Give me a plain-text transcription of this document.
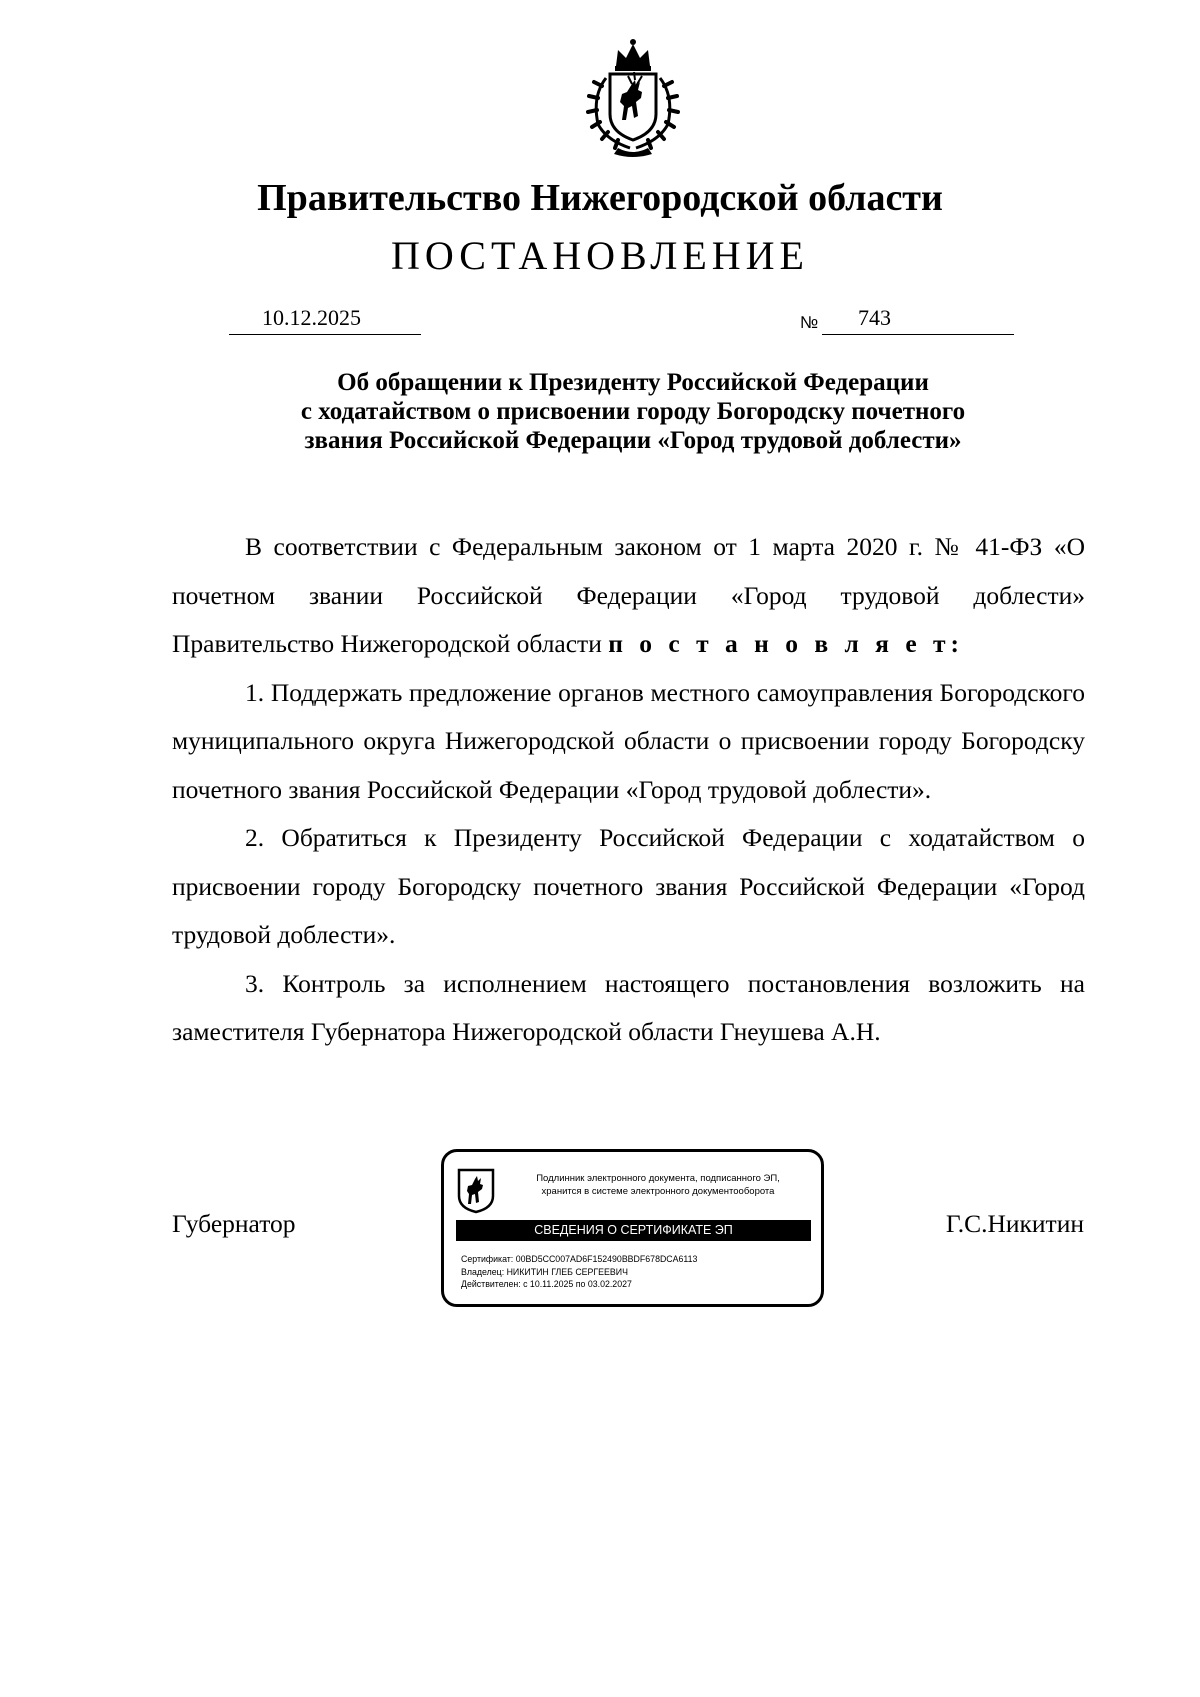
Правительство Нижегородской области
ПОСТАНОВЛЕНИЕ
10.12.2025	№ 743
Об обращении к Президенту Российской Федерации
с ходатайством о присвоении городу Богородску почетного
звания Российской Федерации «Город трудовой доблести»

В соответствии с Федеральным законом от 1 марта 2020 г. № 41-ФЗ «О почетном звании Российской Федерации «Город трудовой доблести» Правительство Нижегородской области п о с т а н о в л я е т:

1. Поддержать предложение органов местного самоуправления Богородского муниципального округа Нижегородской области о присвоении городу Богородску почетного звания Российской Федерации «Город трудовой доблести».

2. Обратиться к Президенту Российской Федерации с ходатайством о присвоении городу Богородску почетного звания Российской Федерации «Город трудовой доблести».

3. Контроль за исполнением настоящего постановления возложить на заместителя Губернатора Нижегородской области Гнеушева А.Н.

Губернатор	Г.С.Никитин
Подлинник электронного документа, подписанного ЭП,
хранится в системе электронного документооборота
СВЕДЕНИЯ О СЕРТИФИКАТЕ ЭП
Сертификат: 00BD5CC007AD6F152490BBDF678DCA6113
Владелец: НИКИТИН ГЛЕБ СЕРГЕЕВИЧ
Действителен: с 10.11.2025 по 03.02.2027
